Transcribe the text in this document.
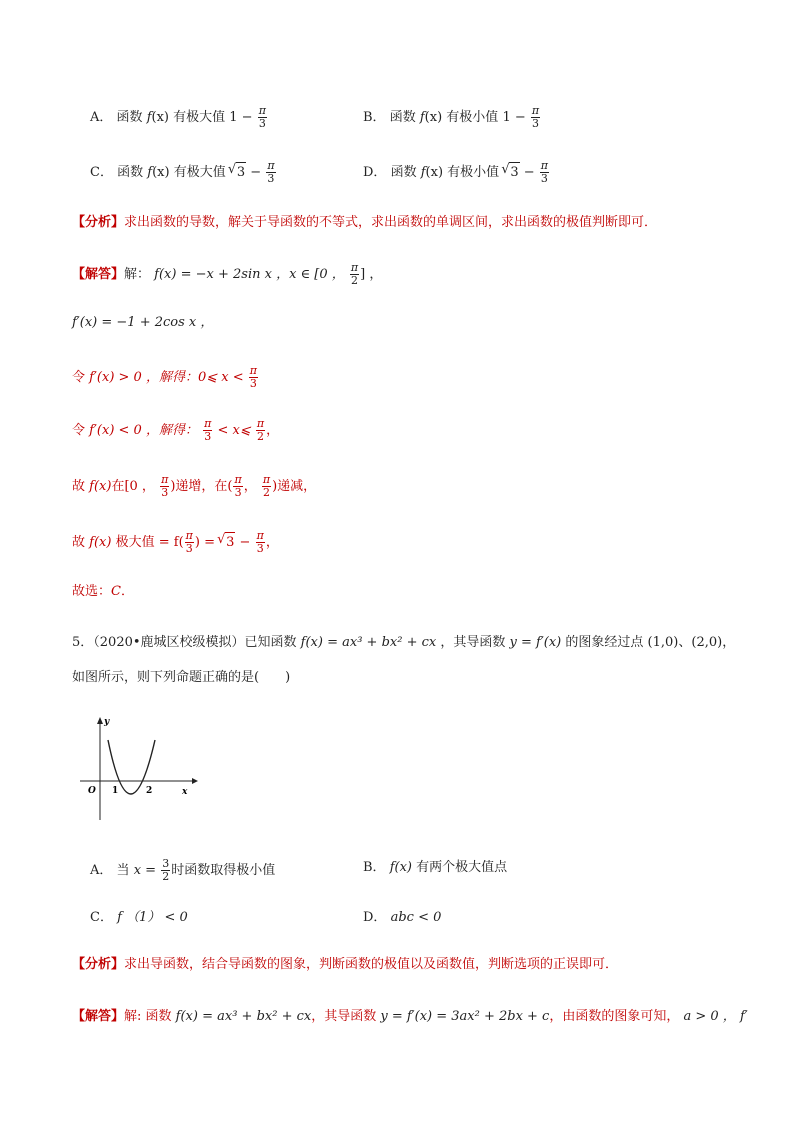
A． 函数 f(x) 有极大值 $1 - \frac{\pi}{3}$	B． 函数 f(x) 有极小值 $1 - \frac{\pi}{3}$
C． 函数 f(x) 有极大值 √ $3 - \frac{\pi}{3}$	D． 函数 f(x) 有极小值 √ $3 - \frac{\pi}{3}$
【分析】求出函数的导数，解关于导函数的不等式，求出函数的单调区间，求出函数的极值判断即可．
【解答】解： f(x) = −x + 2sin x ，x ∈ [0 ， $\frac{\pi}{2}$ ] ，
f′(x) = −1 + 2cos x ，
令 f′(x) > 0 ，解得：0⩽ $x < \frac{\pi}{3}$
令 f′(x) < 0 ，解得： $\frac{\pi}{3}$ < x⩽ $\frac{\pi}{2}$ ，
故 f(x)在[0 ， $\frac{\pi}{3}$ )递增，在( $\frac{\pi}{3}$ ， $\frac{\pi}{2}$ )递减，
故 f(x) 极大值 = $f( \frac{\pi}{3}$ ) = √ $3 - \frac{\pi}{3}$ ，
故选：C．
5．（2020•鹿城区校级模拟）已知函数 f(x) = ax³ + bx² + cx ，其导函数 y = f′(x) 的图象经过点 (1,0)、(2,0)，
如图所示，则下列命题正确的是(　　)
y
x
O 1	2
A． 当 $x = \frac{3}{2}$ 时函数取得极小值	B． f(x) 有两个极大值点
C． f （1） < 0	D． abc < 0
【分析】求出导函数，结合导函数的图象，判断函数的极值以及函数值，判断选项的正误即可．
【解答】解: 函数 f(x) = ax³ + bx² + cx，其导函数 y = f′(x) = 3ax² + 2bx + c，由函数的图象可知， a > 0 ， f′
